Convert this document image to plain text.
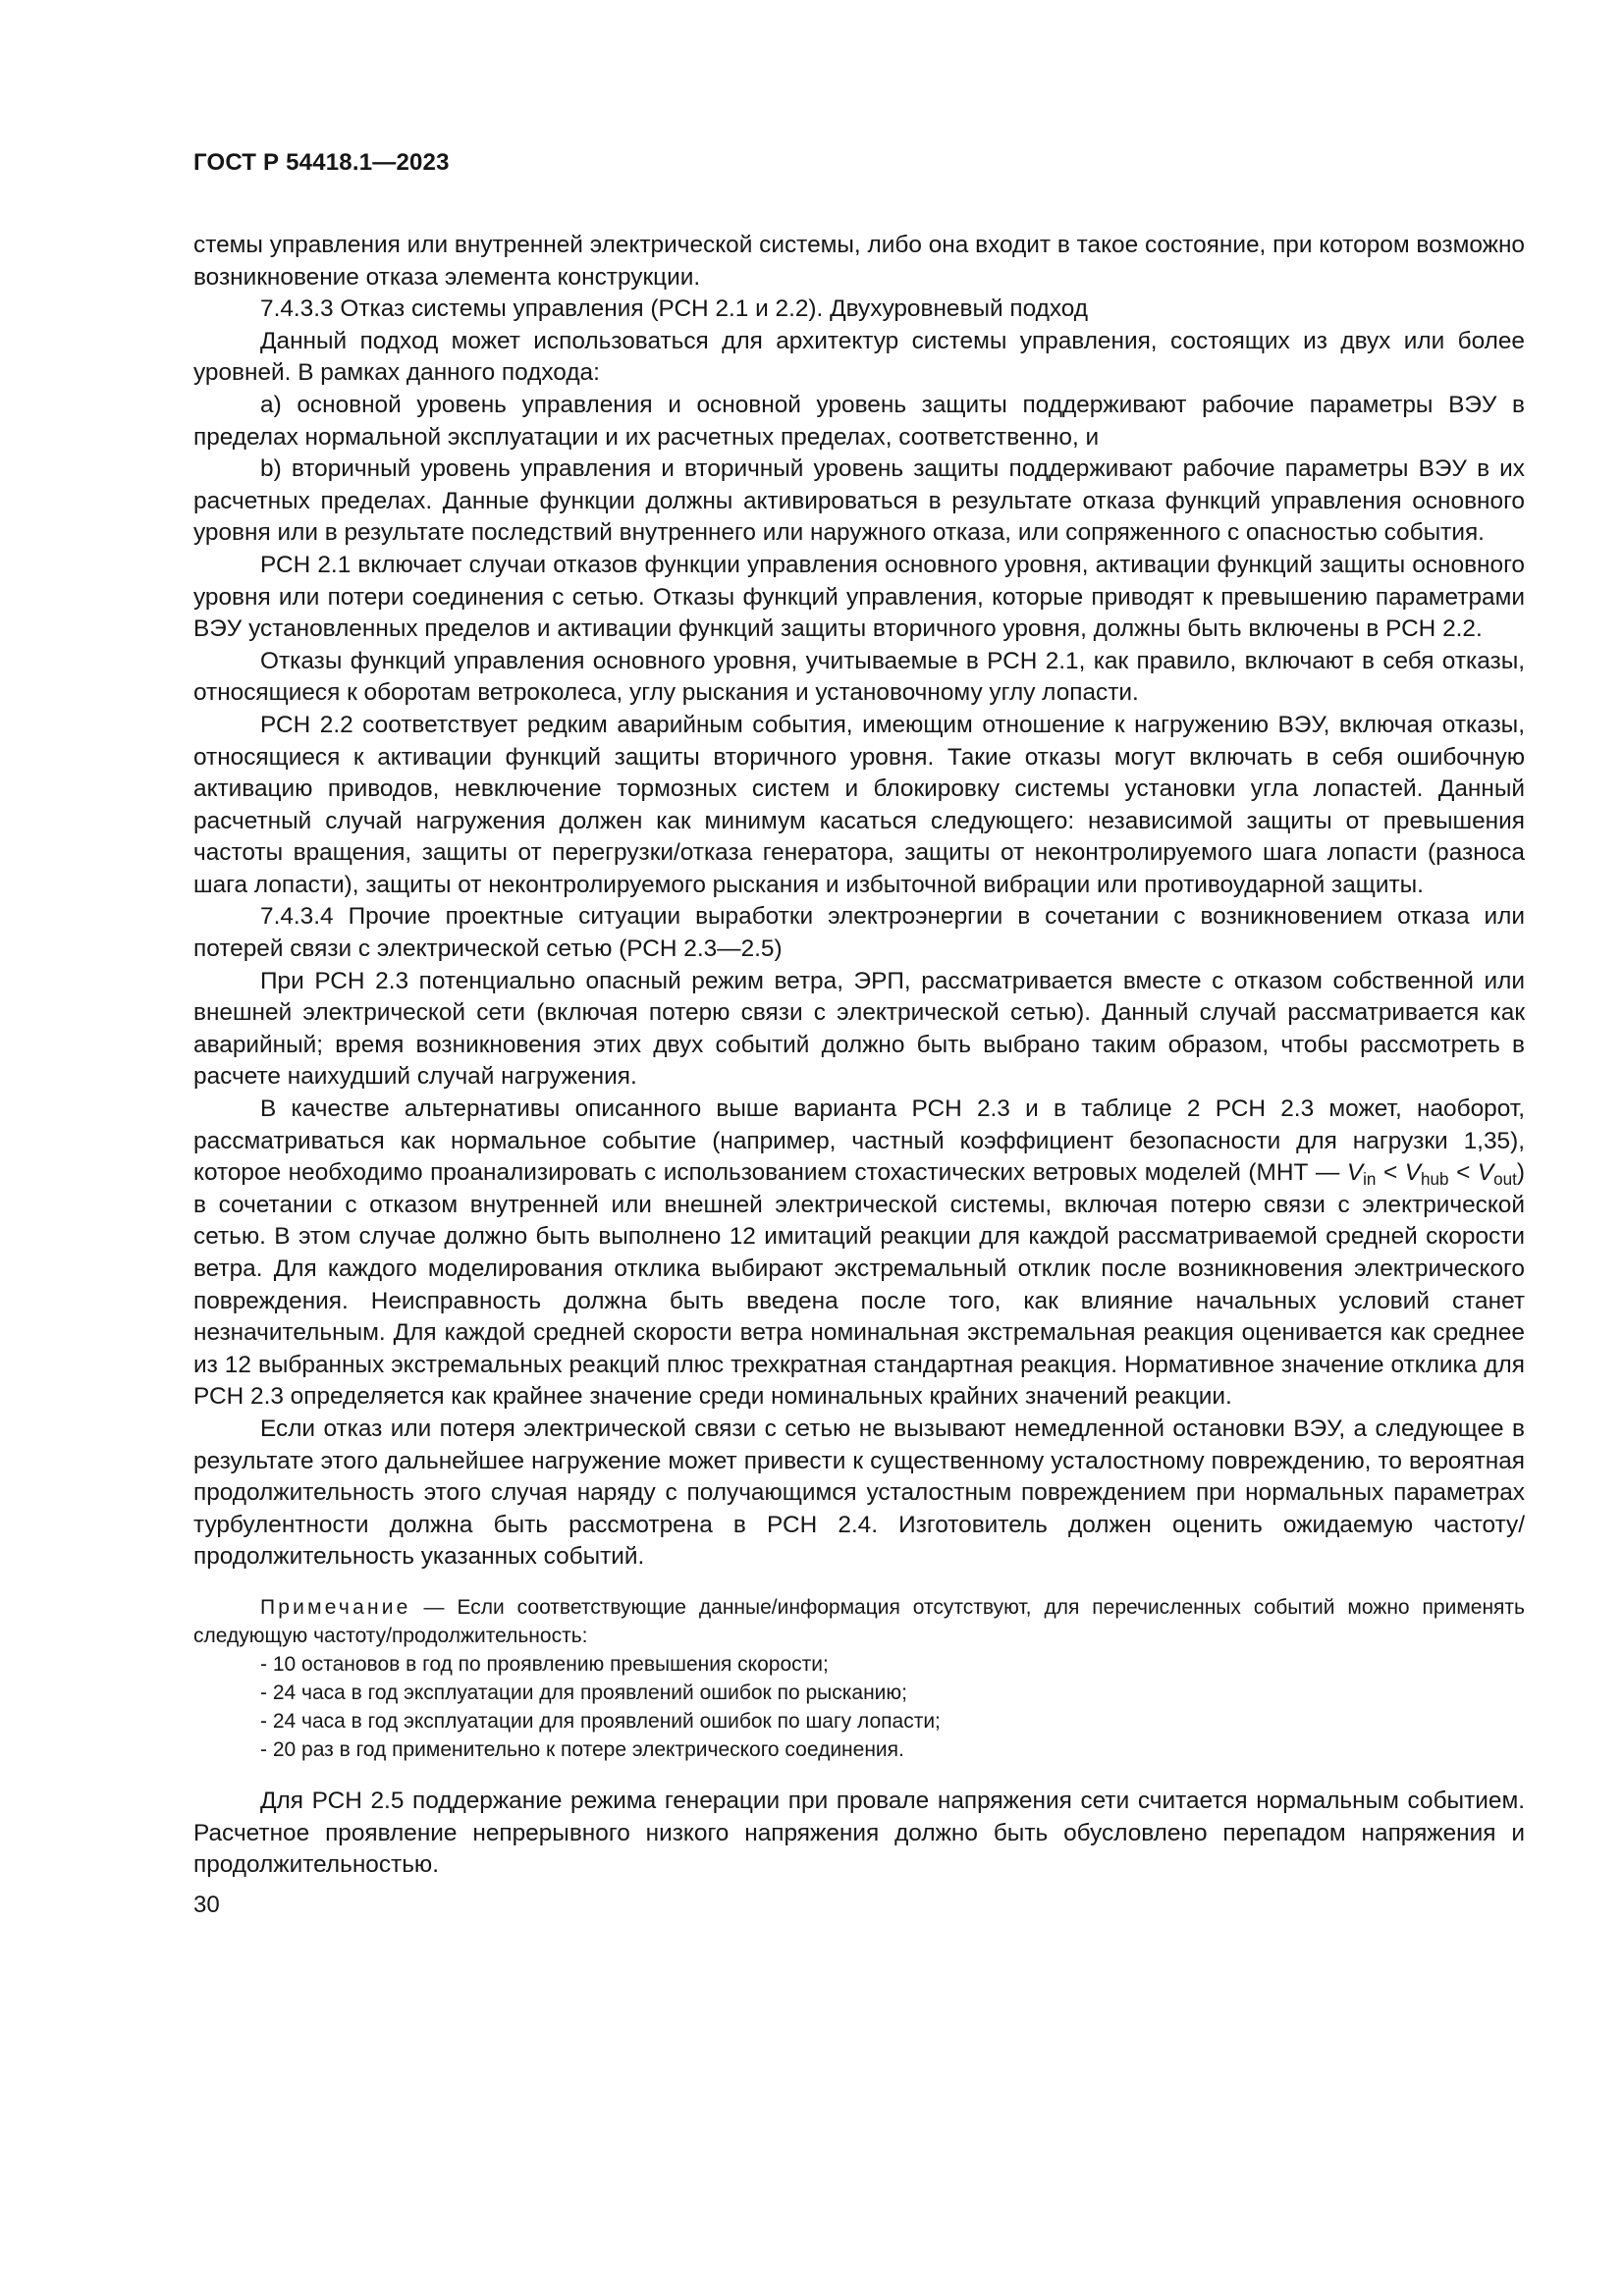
ГОСТ Р 54418.1—2023

стемы управления или внутренней электрической системы, либо она входит в такое состояние, при котором возможно возникновение отказа элемента конструкции.

7.4.3.3 Отказ системы управления (РСН 2.1 и 2.2). Двухуровневый подход

Данный подход может использоваться для архитектур системы управления, состоящих из двух или более уровней. В рамках данного подхода:

a) основной уровень управления и основной уровень защиты поддерживают рабочие параметры ВЭУ в пределах нормальной эксплуатации и их расчетных пределах, соответственно, и

b) вторичный уровень управления и вторичный уровень защиты поддерживают рабочие параметры ВЭУ в их расчетных пределах. Данные функции должны активироваться в результате отказа функций управления основного уровня или в результате последствий внутреннего или наружного отказа, или сопряженного с опасностью события.

РСН 2.1 включает случаи отказов функции управления основного уровня, активации функций защиты основного уровня или потери соединения с сетью. Отказы функций управления, которые приводят к превышению параметрами ВЭУ установленных пределов и активации функций защиты вторичного уровня, должны быть включены в РСН 2.2.

Отказы функций управления основного уровня, учитываемые в РСН 2.1, как правило, включают в себя отказы, относящиеся к оборотам ветроколеса, углу рыскания и установочному углу лопасти.

РСН 2.2 соответствует редким аварийным события, имеющим отношение к нагружению ВЭУ, включая отказы, относящиеся к активации функций защиты вторичного уровня. Такие отказы могут включать в себя ошибочную активацию приводов, невключение тормозных систем и блокировку системы установки угла лопастей. Данный расчетный случай нагружения должен как минимум касаться следующего: независимой защиты от превышения частоты вращения, защиты от перегрузки/отказа генератора, защиты от неконтролируемого шага лопасти (разноса шага лопасти), защиты от неконтролируемого рыскания и избыточной вибрации или противоударной защиты.

7.4.3.4 Прочие проектные ситуации выработки электроэнергии в сочетании с возникновением отказа или потерей связи с электрической сетью (РСН 2.3—2.5)

При РСН 2.3 потенциально опасный режим ветра, ЭРП, рассматривается вместе с отказом собственной или внешней электрической сети (включая потерю связи с электрической сетью). Данный случай рассматривается как аварийный; время возникновения этих двух событий должно быть выбрано таким образом, чтобы рассмотреть в расчете наихудший случай нагружения.

В качестве альтернативы описанного выше варианта РСН 2.3 и в таблице 2 РСН 2.3 может, наоборот, рассматриваться как нормальное событие (например, частный коэффициент безопасности для нагрузки 1,35), которое необходимо проанализировать с использованием стохастических ветровых моделей (МНТ — $V_{in} < V_{hub} < V_{out}$) в сочетании с отказом внутренней или внешней электрической системы, включая потерю связи с электрической сетью. В этом случае должно быть выполнено 12 имитаций реакции для каждой рассматриваемой средней скорости ветра. Для каждого моделирования отклика выбирают экстремальный отклик после возникновения электрического повреждения. Неисправность должна быть введена после того, как влияние начальных условий станет незначительным. Для каждой средней скорости ветра номинальная экстремальная реакция оценивается как среднее из 12 выбранных экстремальных реакций плюс трехкратная стандартная реакция. Нормативное значение отклика для РСН 2.3 определяется как крайнее значение среди номинальных крайних значений реакции.

Если отказ или потеря электрической связи с сетью не вызывают немедленной остановки ВЭУ, а следующее в результате этого дальнейшее нагружение может привести к существенному усталостному повреждению, то вероятная продолжительность этого случая наряду с получающимся усталостным повреждением при нормальных параметрах турбулентности должна быть рассмотрена в РСН 2.4. Изготовитель должен оценить ожидаемую частоту/продолжительность указанных событий.

Примечание — Если соответствующие данные/информация отсутствуют, для перечисленных событий можно применять следующую частоту/продолжительность:

- 10 остановов в год по проявлению превышения скорости;
- 24 часа в год эксплуатации для проявлений ошибок по рысканию;
- 24 часа в год эксплуатации для проявлений ошибок по шагу лопасти;
- 20 раз в год применительно к потере электрического соединения.

Для РСН 2.5 поддержание режима генерации при провале напряжения сети считается нормальным событием. Расчетное проявление непрерывного низкого напряжения должно быть обусловлено перепадом напряжения и продолжительностью.

30
